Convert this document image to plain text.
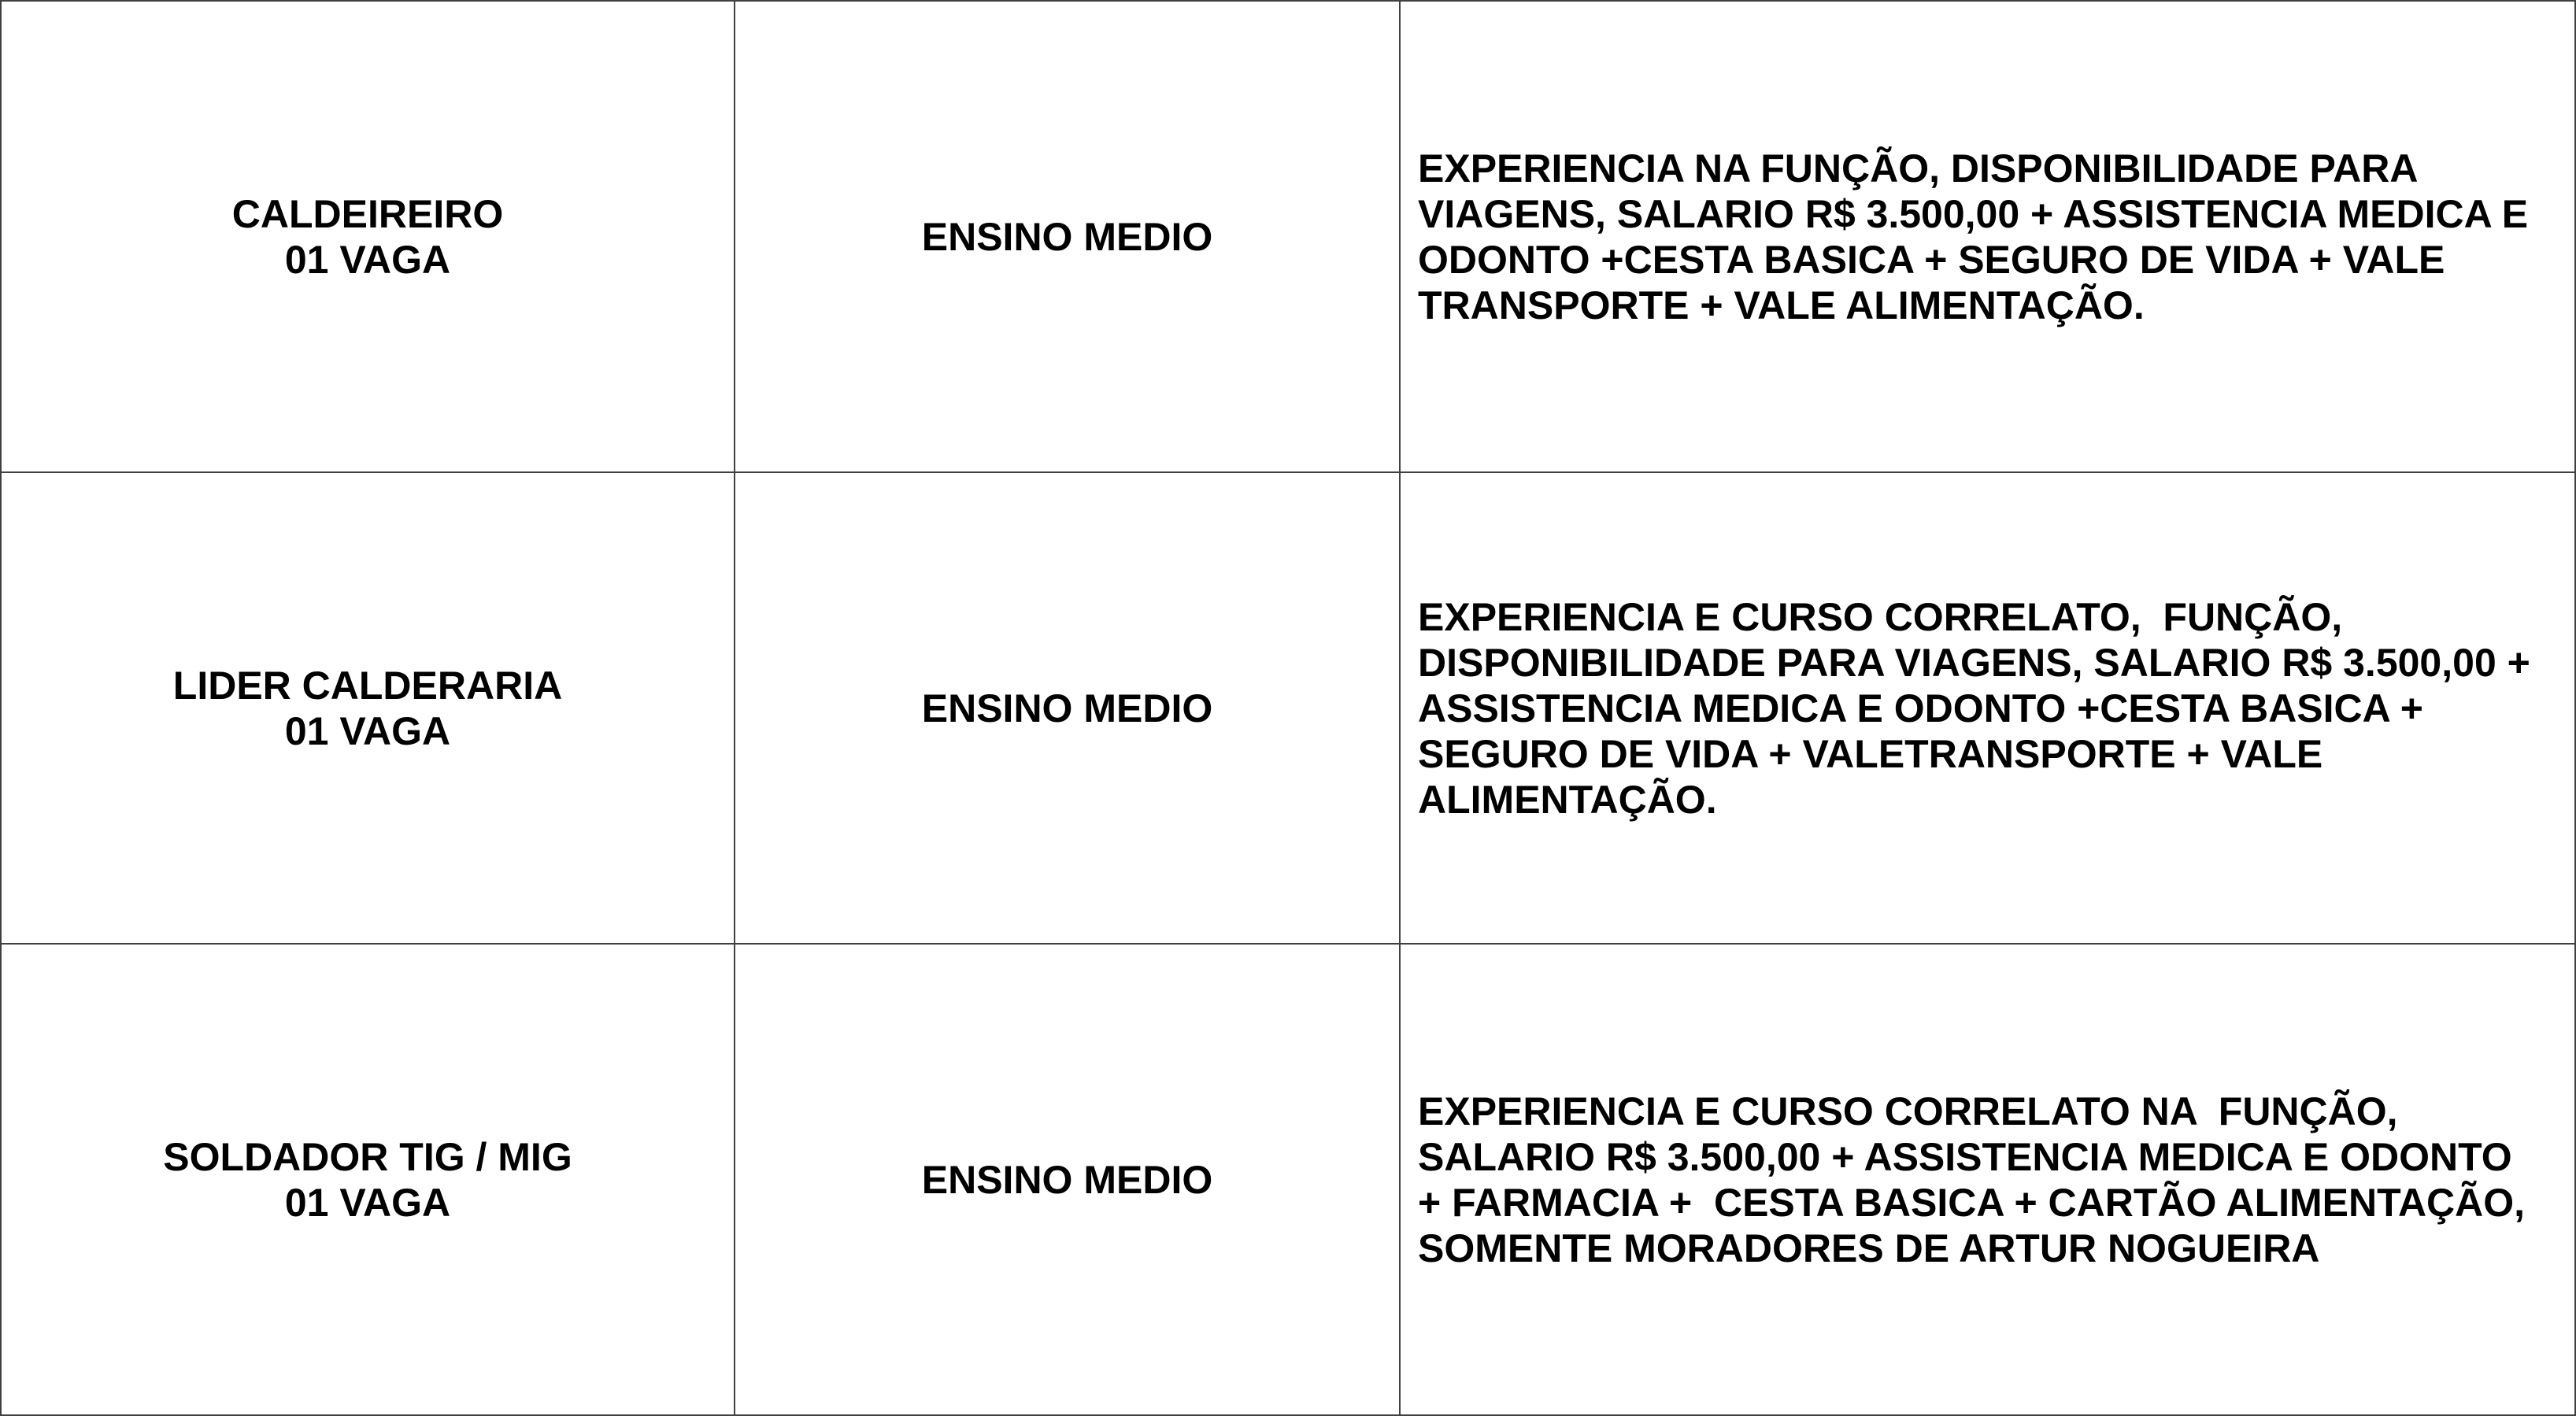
CALDEIREIRO
01 VAGA	ENSINO MEDIO	EXPERIENCIA NA FUNÇÃO, DISPONIBILIDADE PARA
VIAGENS, SALARIO R$ 3.500,00 + ASSISTENCIA MEDICA E
ODONTO +CESTA BASICA + SEGURO DE VIDA + VALE
TRANSPORTE + VALE ALIMENTAÇÃO.

LIDER CALDERARIA
01 VAGA	ENSINO MEDIO	EXPERIENCIA E CURSO CORRELATO,  FUNÇÃO,
DISPONIBILIDADE PARA VIAGENS, SALARIO R$ 3.500,00 +
ASSISTENCIA MEDICA E ODONTO +CESTA BASICA +
SEGURO DE VIDA + VALETRANSPORTE + VALE
ALIMENTAÇÃO.

SOLDADOR TIG / MIG
01 VAGA	ENSINO MEDIO	EXPERIENCIA E CURSO CORRELATO NA  FUNÇÃO,
SALARIO R$ 3.500,00 + ASSISTENCIA MEDICA E ODONTO
+ FARMACIA +  CESTA BASICA + CARTÃO ALIMENTAÇÃO,
SOMENTE MORADORES DE ARTUR NOGUEIRA
